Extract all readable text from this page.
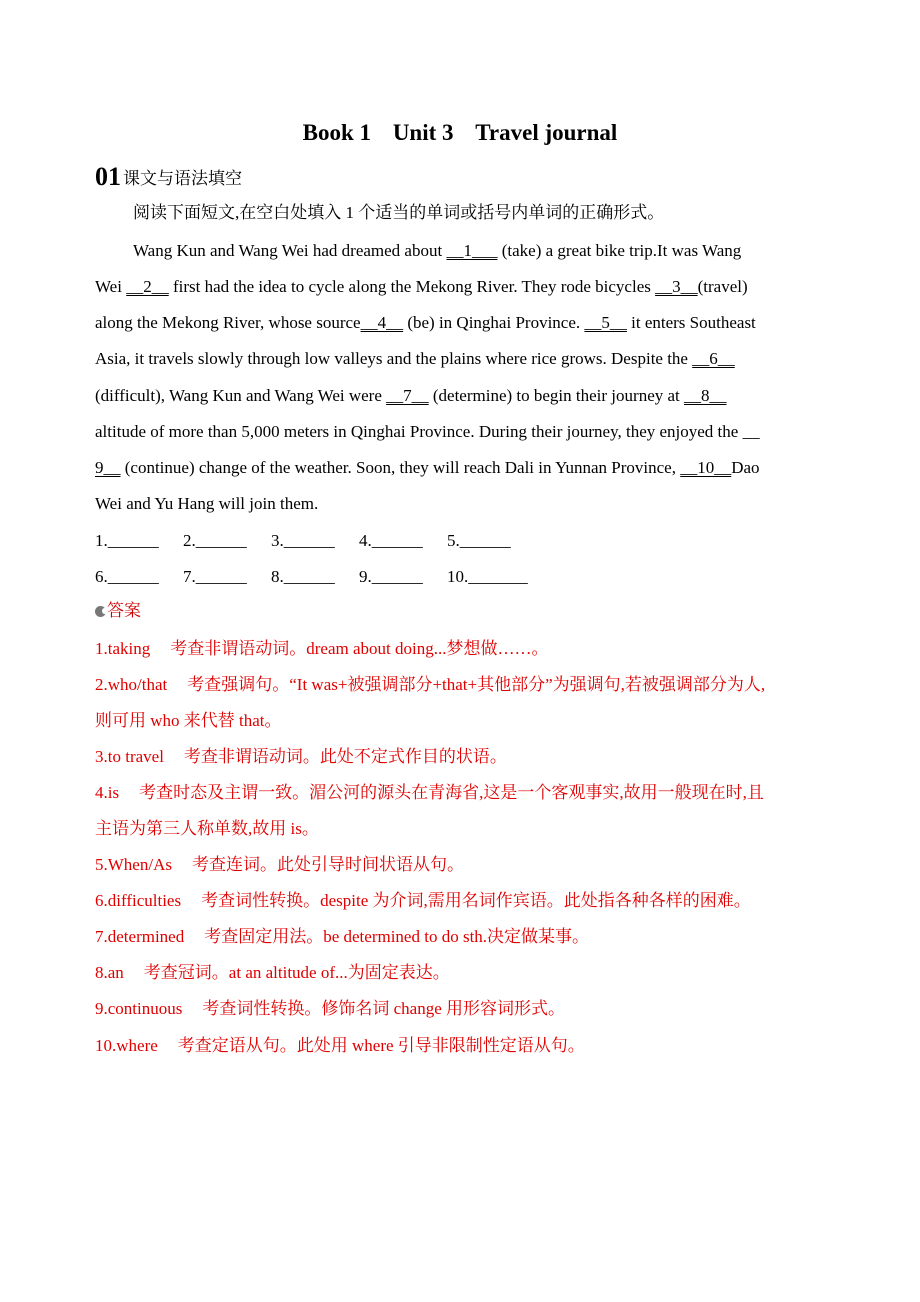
Book 1 Unit 3 Travel journal
01 课文与语法填空
阅读下面短文,在空白处填入 1 个适当的单词或括号内单词的正确形式。
Wang Kun and Wang Wei had dreamed about __1___ (take) a great bike trip.It was Wang
Wei __2__ first had the idea to cycle along the Mekong River. They rode bicycles __3__(travel)
along the Mekong River, whose source__4__ (be) in Qinghai Province. __5__ it enters Southeast
Asia, it travels slowly through low valleys and the plains where rice grows. Despite the __6__
(difficult), Wang Kun and Wang Wei were __7__ (determine) to begin their journey at __8__
altitude of more than 5,000 meters in Qinghai Province. During their journey, they enjoyed the __
9__ (continue) change of the weather. Soon, they will reach Dali in Yunnan Province, __10__Dao
Wei and Yu Hang will join them.
1.______ 2.______ 3.______ 4.______ 5.______
6.______ 7.______ 8.______ 9.______ 10._______
答案
1.taking 考查非谓语动词。dream about doing...梦想做……。
2.who/that 考查强调句。“It was+被强调部分+that+其他部分”为强调句,若被强调部分为人,
则可用 who 来代替 that。
3.to travel 考查非谓语动词。此处不定式作目的状语。
4.is 考查时态及主谓一致。湄公河的源头在青海省,这是一个客观事实,故用一般现在时,且
主语为第三人称单数,故用 is。
5.When/As 考查连词。此处引导时间状语从句。
6.difficulties 考查词性转换。despite 为介词,需用名词作宾语。此处指各种各样的困难。
7.determined 考查固定用法。be determined to do sth.决定做某事。
8.an 考查冠词。at an altitude of...为固定表达。
9.continuous 考查词性转换。修饰名词 change 用形容词形式。
10.where 考查定语从句。此处用 where 引导非限制性定语从句。
